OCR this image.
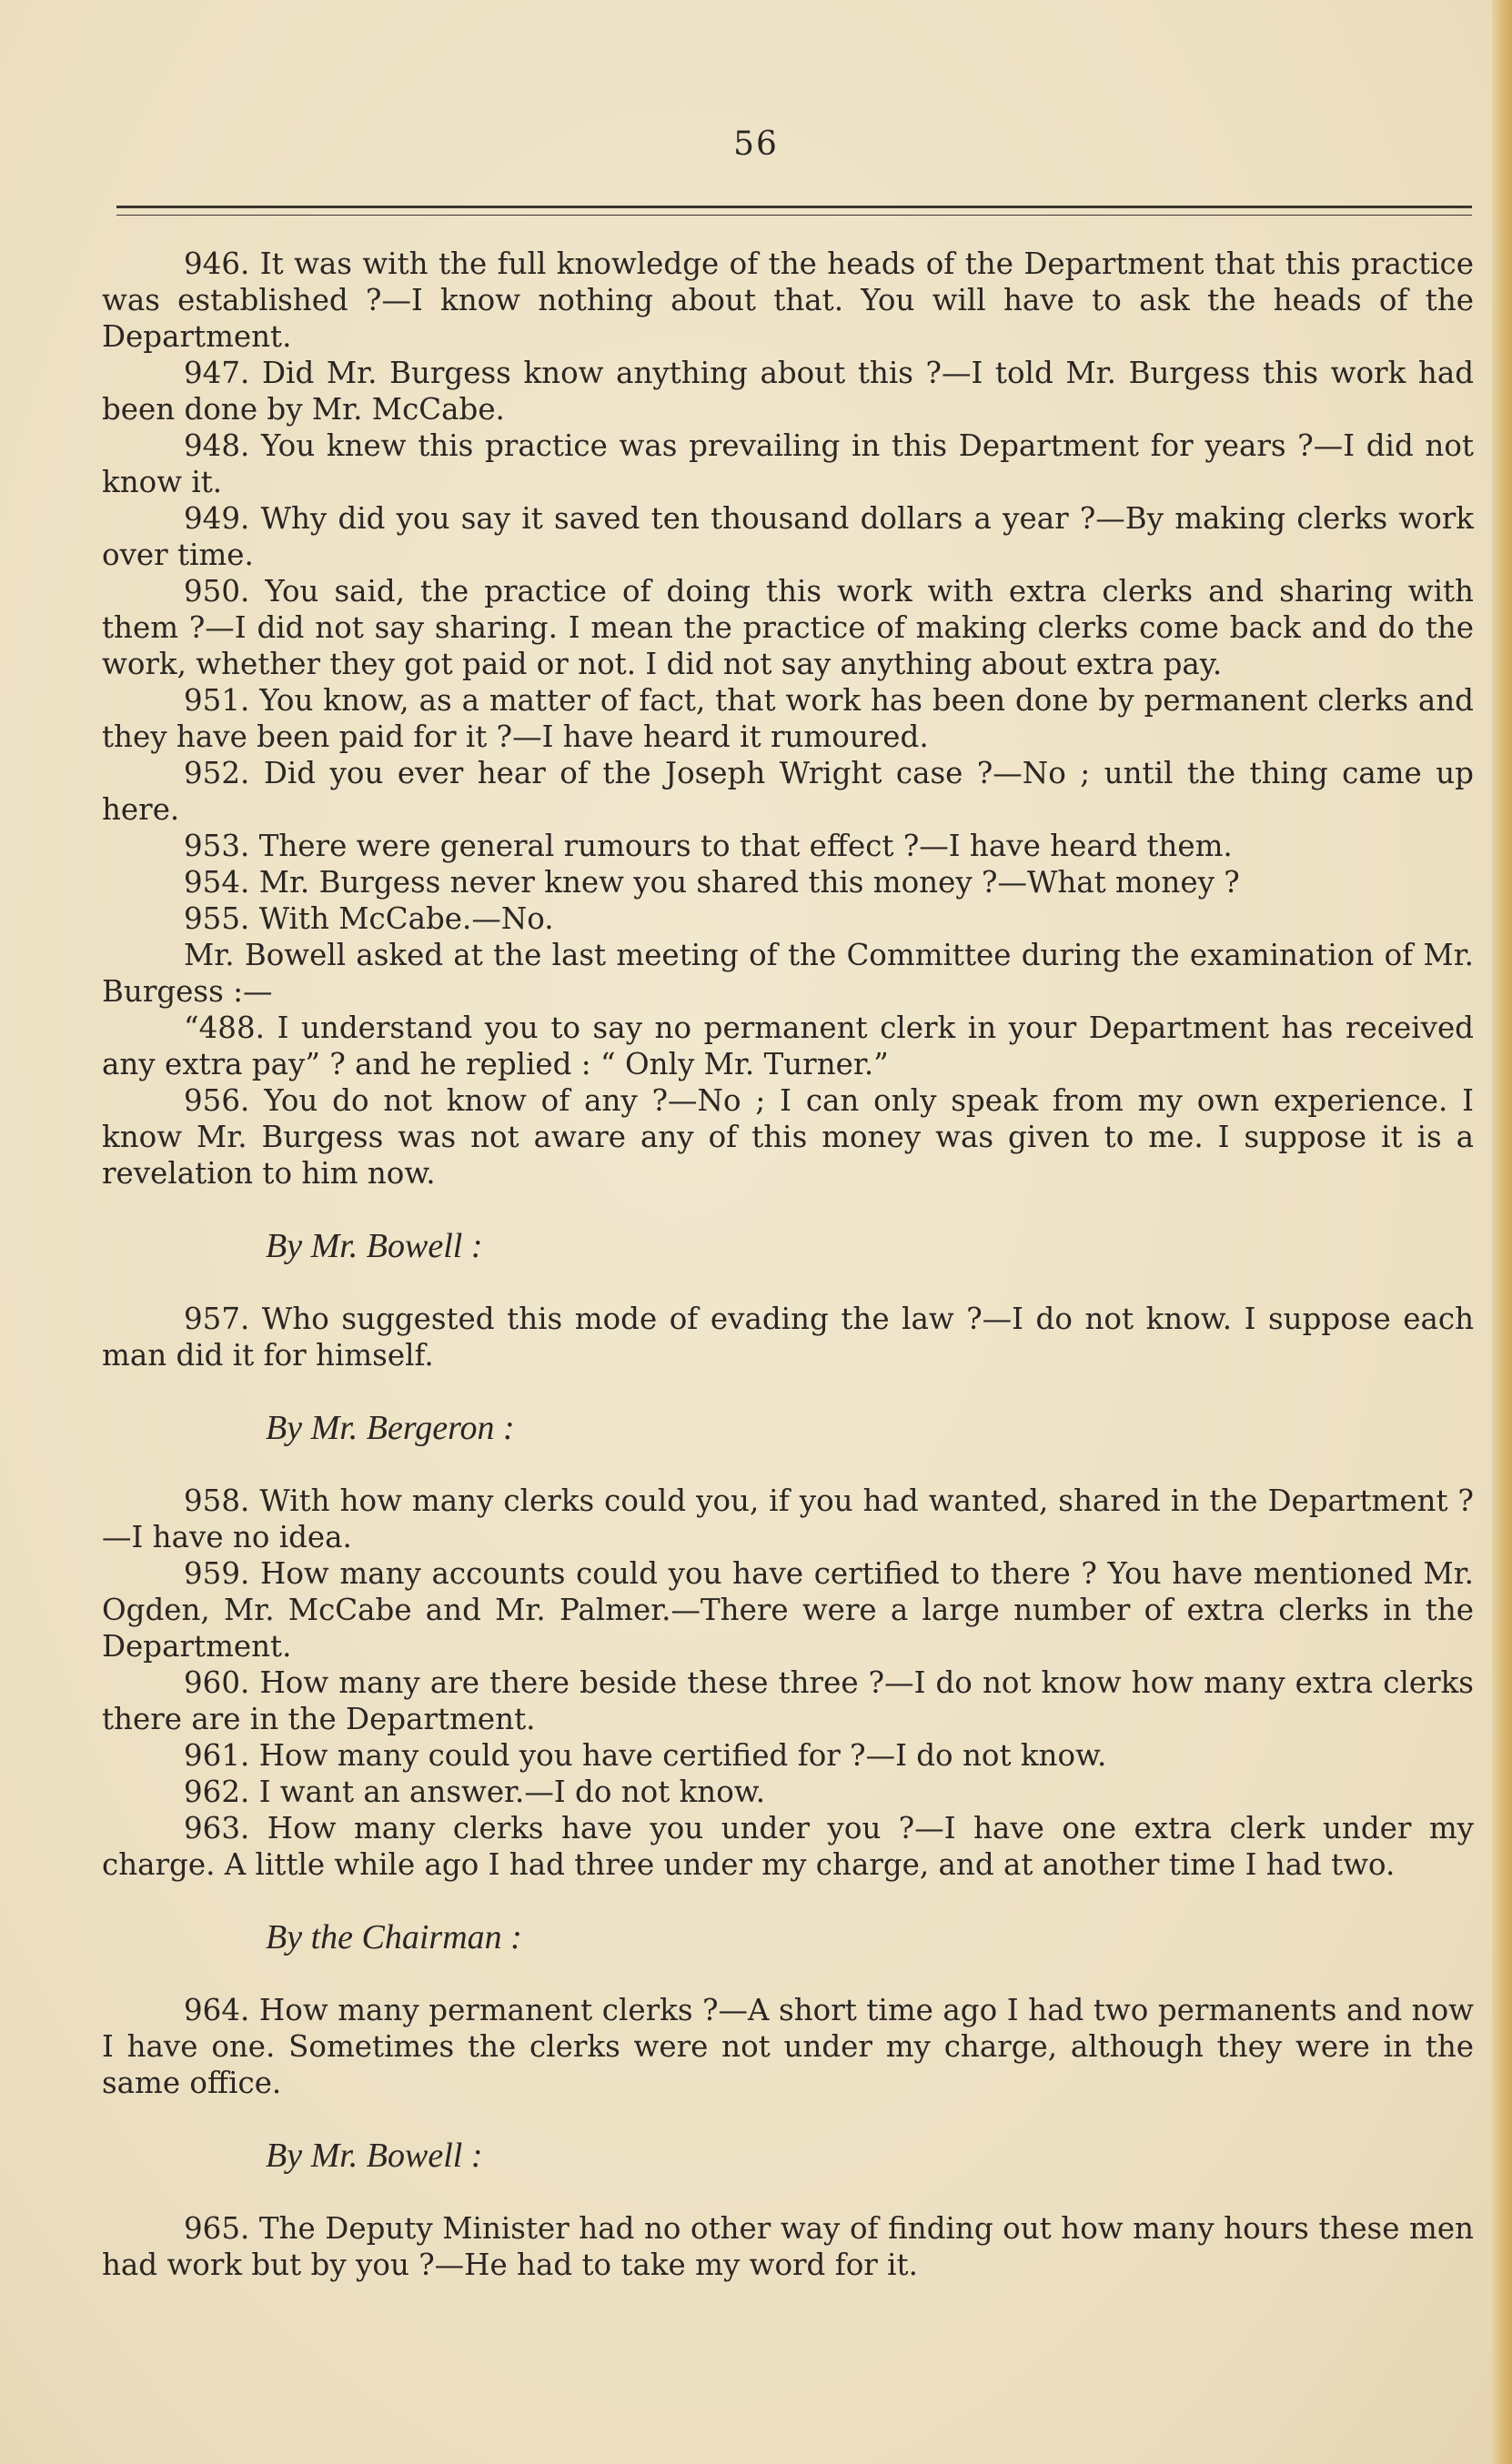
56

946. It was with the full knowledge of the heads of the Department that this practice was established ?—I know nothing about that. You will have to ask the heads of the Department.

947. Did Mr. Burgess know anything about this ?—I told Mr. Burgess this work had been done by Mr. McCabe.

948. You knew this practice was prevailing in this Department for years ?—I did not know it.

949. Why did you say it saved ten thousand dollars a year ?—By making clerks work over time.

950. You said, the practice of doing this work with extra clerks and sharing with them ?—I did not say sharing. I mean the practice of making clerks come back and do the work, whether they got paid or not. I did not say anything about extra pay.

951. You know, as a matter of fact, that work has been done by permanent clerks and they have been paid for it ?—I have heard it rumoured.

952. Did you ever hear of the Joseph Wright case ?—No ; until the thing came up here.

953. There were general rumours to that effect ?—I have heard them.

954. Mr. Burgess never knew you shared this money ?—What money ?

955. With McCabe.—No.

Mr. Bowell asked at the last meeting of the Committee during the examination of Mr. Burgess :—

“488. I understand you to say no permanent clerk in your Department has received any extra pay” ? and he replied : “ Only Mr. Turner.”

956. You do not know of any ?—No ; I can only speak from my own experience. I know Mr. Burgess was not aware any of this money was given to me. I suppose it is a revelation to him now.

By Mr. Bowell :

957. Who suggested this mode of evading the law ?—I do not know. I suppose each man did it for himself.

By Mr. Bergeron :

958. With how many clerks could you, if you had wanted, shared in the Department ?—I have no idea.

959. How many accounts could you have certified to there ? You have mentioned Mr. Ogden, Mr. McCabe and Mr. Palmer.—There were a large number of extra clerks in the Department.

960. How many are there beside these three ?—I do not know how many extra clerks there are in the Department.

961. How many could you have certified for ?—I do not know.

962. I want an answer.—I do not know.

963. How many clerks have you under you ?—I have one extra clerk under my charge. A little while ago I had three under my charge, and at another time I had two.

By the Chairman :

964. How many permanent clerks ?—A short time ago I had two permanents and now I have one. Sometimes the clerks were not under my charge, although they were in the same office.

By Mr. Bowell :

965. The Deputy Minister had no other way of finding out how many hours these men had work but by you ?—He had to take my word for it.
